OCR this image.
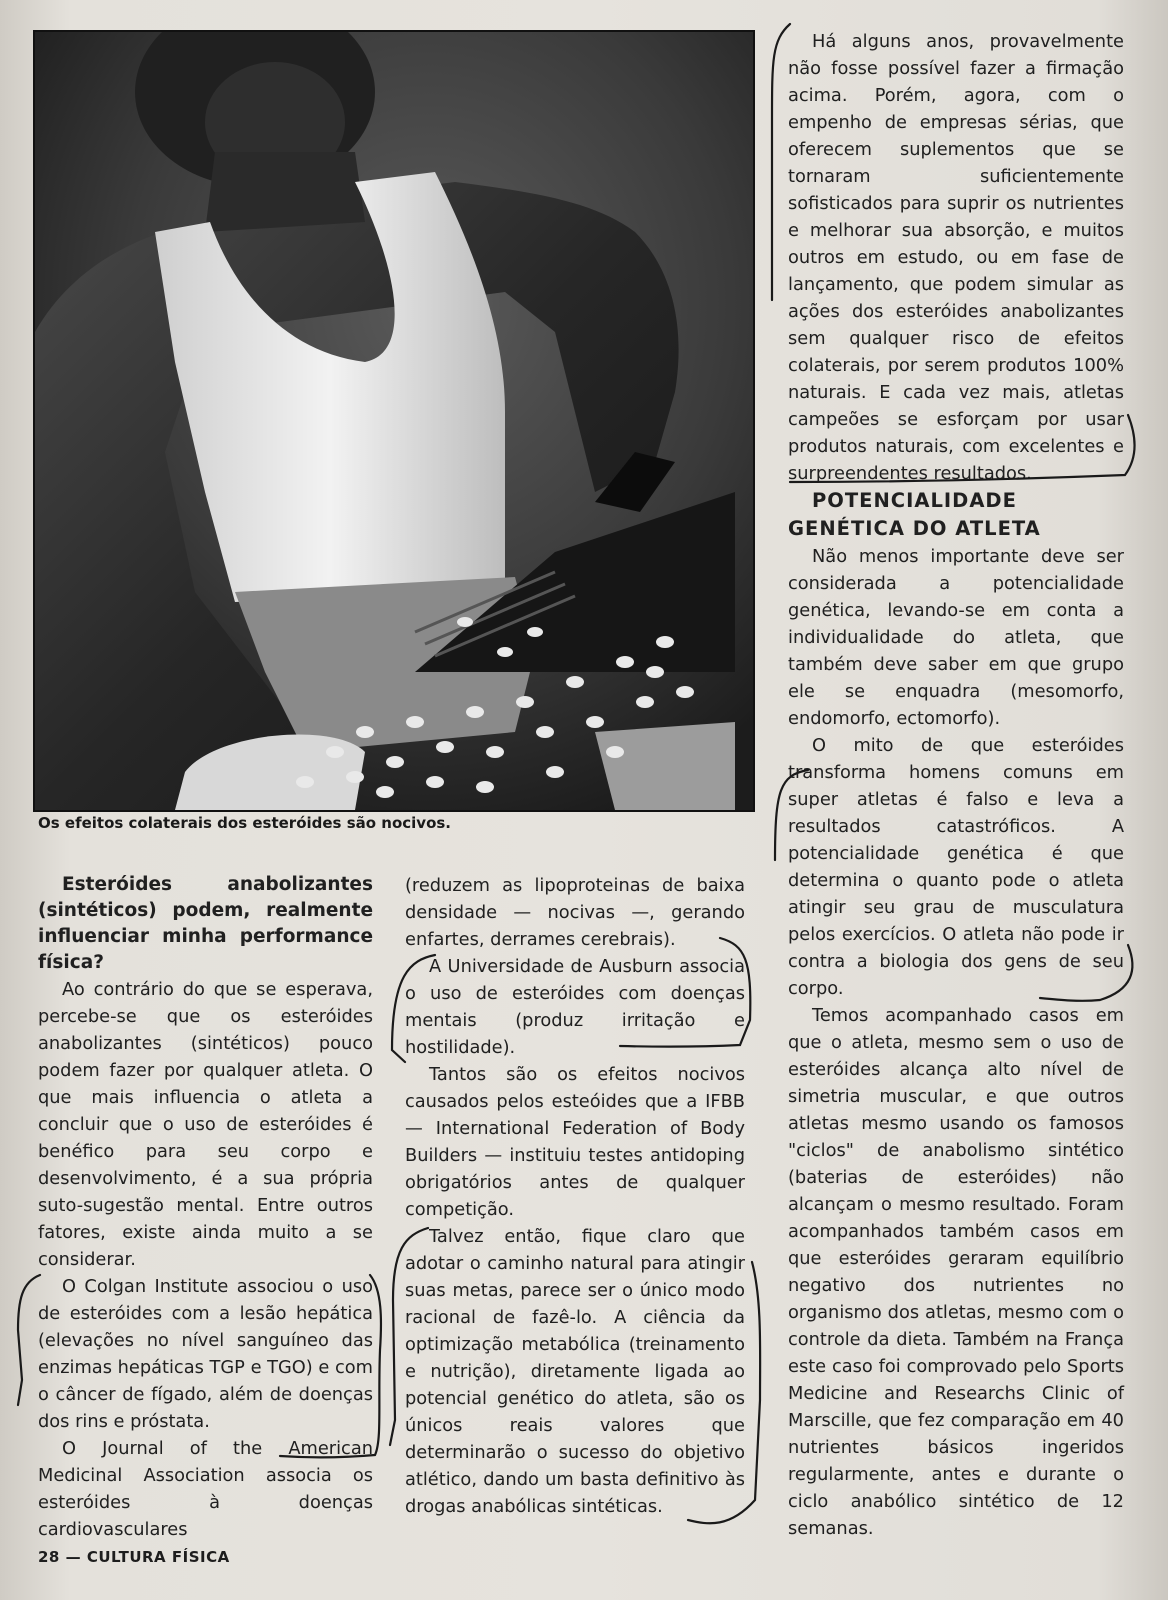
Os efeitos colaterais dos esteróides são nocivos.

Esteróides anabolizantes (sintéticos) podem, realmente influenciar minha performance física?

Ao contrário do que se esperava, percebe-se que os esteróides anabolizantes (sintéticos) pouco podem fazer por qualquer atleta. O que mais influencia o atleta a concluir que o uso de esteróides é benéfico para seu corpo e desenvolvimento, é a sua própria suto-sugestão mental. Entre outros fatores, existe ainda muito a se considerar.

O Colgan Institute associou o uso de esteróides com a lesão hepática (elevações no nível sanguíneo das enzimas hepáticas TGP e TGO) e com o câncer de fígado, além de doenças dos rins e próstata.

O Journal of the American Medicinal Association associa os esteróides à doenças cardiovasculares

(reduzem as lipoproteinas de baixa densidade — nocivas —, gerando enfartes, derrames cerebrais).

A Universidade de Ausburn associa o uso de esteróides com doenças mentais (produz irritação e hostilidade).

Tantos são os efeitos nocivos causados pelos esteóides que a IFBB — International Federation of Body Builders — instituiu testes antidoping obrigatórios antes de qualquer competição.

Talvez então, fique claro que adotar o caminho natural para atingir suas metas, parece ser o único modo racional de fazê-lo. A ciência da optimização metabólica (treinamento e nutrição), diretamente ligada ao potencial genético do atleta, são os únicos reais valores que determinarão o sucesso do objetivo atlético, dando um basta definitivo às drogas anabólicas sintéticas.

Há alguns anos, provavelmente não fosse possível fazer a firmação acima. Porém, agora, com o empenho de empresas sérias, que oferecem suplementos que se tornaram suficientemente sofisticados para suprir os nutrientes e melhorar sua absorção, e muitos outros em estudo, ou em fase de lançamento, que podem simular as ações dos esteróides anabolizantes sem qualquer risco de efeitos colaterais, por serem produtos 100% naturais. E cada vez mais, atletas campeões se esforçam por usar produtos naturais, com excelentes e surpreendentes resultados.

POTENCIALIDADE GENÉTICA DO ATLETA

Não menos importante deve ser considerada a potencialidade genética, levando-se em conta a individualidade do atleta, que também deve saber em que grupo ele se enquadra (mesomorfo, endomorfo, ectomorfo).

O mito de que esteróides transforma homens comuns em super atletas é falso e leva a resultados catastróficos. A potencialidade genética é que determina o quanto pode o atleta atingir seu grau de musculatura pelos exercícios. O atleta não pode ir contra a biologia dos gens de seu corpo.

Temos acompanhado casos em que o atleta, mesmo sem o uso de esteróides alcança alto nível de simetria muscular, e que outros atletas mesmo usando os famosos "ciclos" de anabolismo sintético (baterias de esteróides) não alcançam o mesmo resultado. Foram acompanhados também casos em que esteróides geraram equilíbrio negativo dos nutrientes no organismo dos atletas, mesmo com o controle da dieta. Também na França este caso foi comprovado pelo Sports Medicine and Researchs Clinic of Marscille, que fez comparação em 40 nutrientes básicos ingeridos regularmente, antes e durante o ciclo anabólico sintético de 12 semanas.

28 — CULTURA FÍSICA
